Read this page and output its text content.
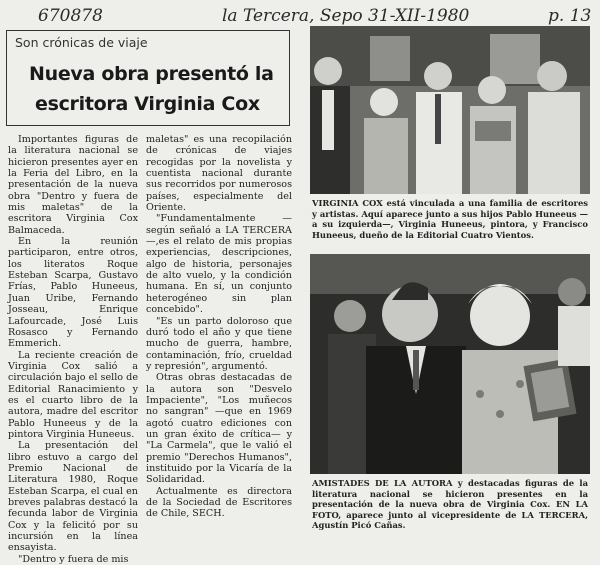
670878	la Tercera, Sepo 31-XII-1980	p. 13
Son crónicas de viaje
Nueva obra presentó la
escritora Virginia Cox

Importantes figuras de la literatura nacional se hicieron presentes ayer en la Feria del Libro, en la presentación de la nueva obra "Dentro y fuera de mis maletas" de la escritora Virginia Cox Balmaceda.

En la reunión participaron, entre otros, los literatos Roque Esteban Scarpa, Gustavo Frías, Pablo Huneeus, Juan Uribe, Fernando Josseau, Enrique Lafourcade, José Luis Rosasco y Fernando Emmerich.

La reciente creación de Virginia Cox salió a circulación bajo el sello de Editorial Ranacimiento y es el cuarto libro de la autora, madre del escritor Pablo Huneeus y de la pintora Virginia Huneeus.

La presentación del libro estuvo a cargo del Premio Nacional de Literatura 1980, Roque Esteban Scarpa, el cual en breves palabras destacó la fecunda labor de Virginia Cox y la felicitó por su incursión en la línea ensayista.

"Dentro y fuera de mis

maletas" es una recopilación de crónicas de viajes recogidas por la novelista y cuentista nacional durante sus recorridos por numerosos países, especialmente del Oriente.

"Fundamentalmente —según señaló a LA TERCERA—,es el relato de mis propias experiencias, descripciones, algo de historia, personajes de alto vuelo, y la condición humana. En sí, un conjunto heterogéneo sin plan concebido".

"Es un parto doloroso que duró todo el año y que tiene mucho de guerra, hambre, contaminación, frío, crueldad y represión", argumentó.

Otras obras destacadas de la autora son "Desvelo Impaciente", "Los muñecos no sangran" —que en 1969 agotó cuatro ediciones con un gran éxito de crítica— y "La Carmela", que le valió el premio "Derechos Humanos", instituido por la Vicaría de la Solidaridad.

Actualmente es directora de la Sociedad de Escritores de Chile, SECH.

VIRGINIA COX está vinculada a una familia de escritores y artistas. Aquí aparece junto a sus hijos Pablo Huneeus —a su izquierda—, Virginia Huneeus, pintora, y Francisco Huneeus, dueño de la Editorial Cuatro Vientos.
AMISTADES DE LA AUTORA y destacadas figuras de la literatura nacional se hicieron presentes en la presentación de la nueva obra de Virginia Cox. EN LA FOTO, aparece junto al vicepresidente de LA TERCERA, Agustín Picó Cañas.
